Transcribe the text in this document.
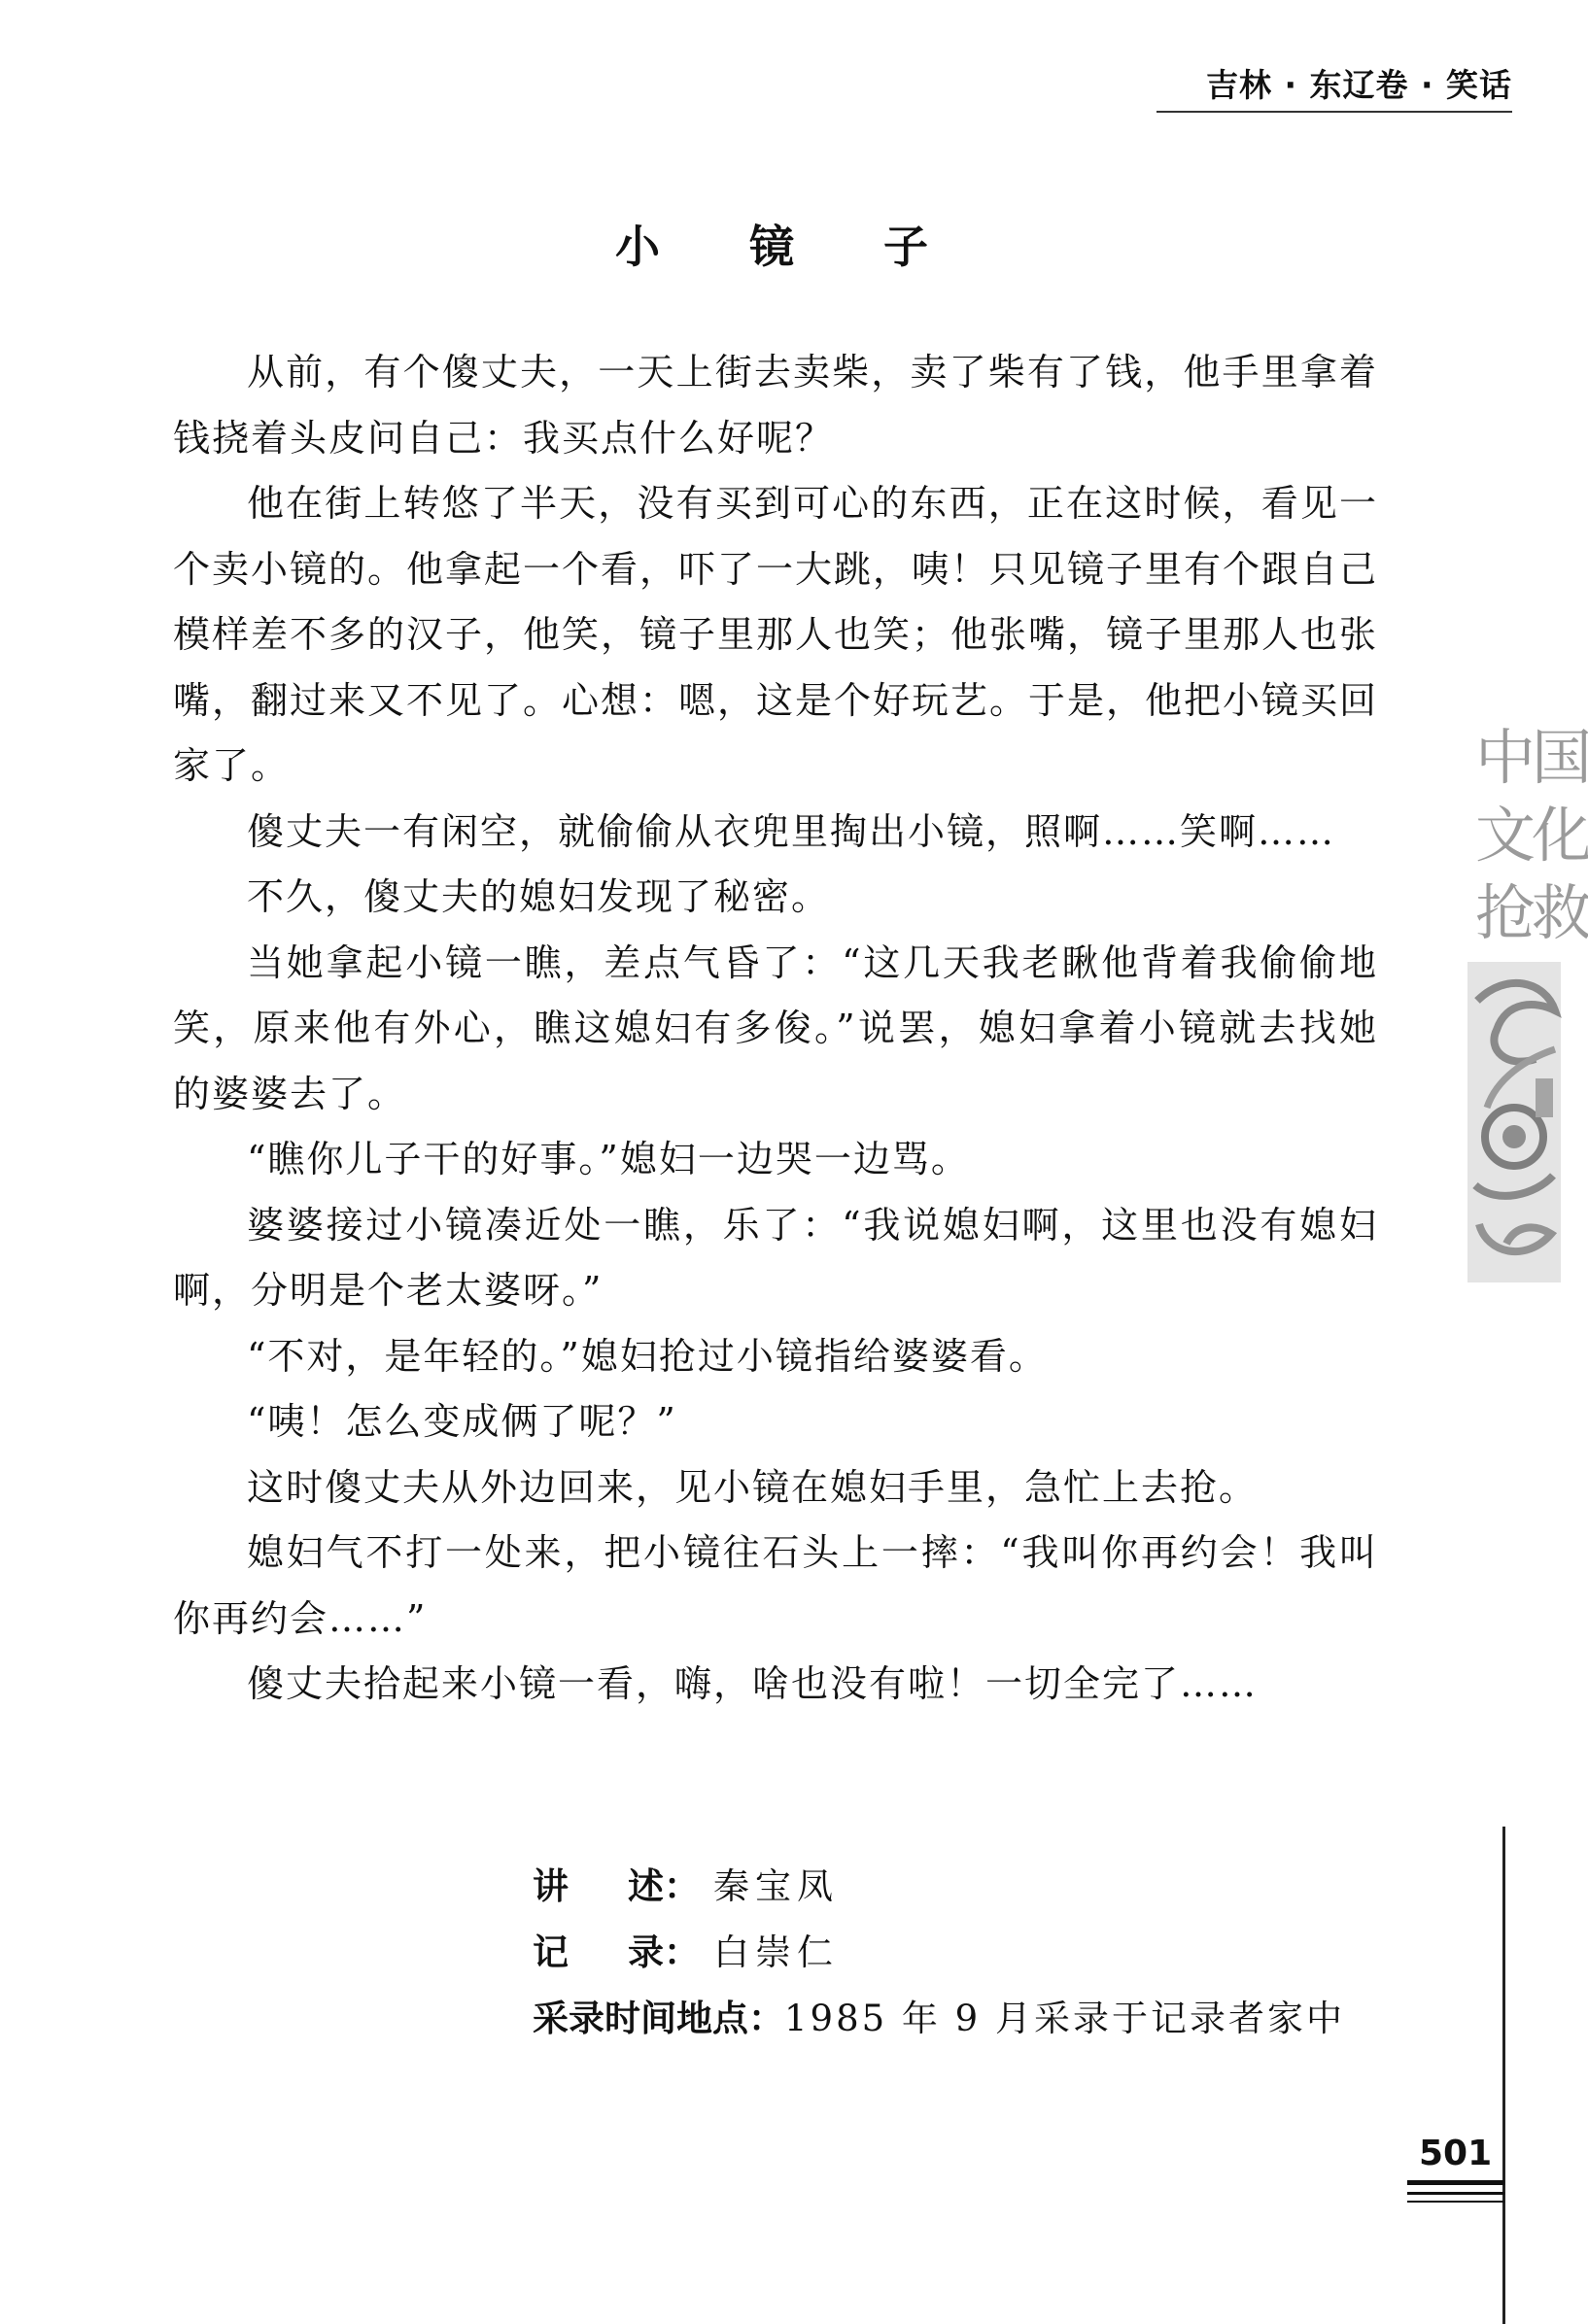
吉林 · 东辽卷 · 笑话
小 镜 子

从前，有个傻丈夫，一天上街去卖柴，卖了柴有了钱，他手里拿着钱挠着头皮问自己：我买点什么好呢？

他在街上转悠了半天，没有买到可心的东西，正在这时候，看见一个卖小镜的。他拿起一个看，吓了一大跳，咦！只见镜子里有个跟自己模样差不多的汉子，他笑，镜子里那人也笑；他张嘴，镜子里那人也张嘴，翻过来又不见了。心想：嗯，这是个好玩艺。于是，他把小镜买回家了。

傻丈夫一有闲空，就偷偷从衣兜里掏出小镜，照啊……笑啊……

不久，傻丈夫的媳妇发现了秘密。

当她拿起小镜一瞧，差点气昏了：“这几天我老瞅他背着我偷偷地笑，原来他有外心，瞧这媳妇有多俊。”说罢，媳妇拿着小镜就去找她的婆婆去了。

“瞧你儿子干的好事。”媳妇一边哭一边骂。

婆婆接过小镜凑近处一瞧，乐了：“我说媳妇啊，这里也没有媳妇啊，分明是个老太婆呀。”

“不对，是年轻的。”媳妇抢过小镜指给婆婆看。

“咦！怎么变成俩了呢？”

这时傻丈夫从外边回来，见小镜在媳妇手里，急忙上去抢。

媳妇气不打一处来，把小镜往石头上一摔：“我叫你再约会！我叫你再约会……”

傻丈夫拾起来小镜一看，嗨，啥也没有啦！一切全完了……

讲 述： 秦宝凤
记 录： 白崇仁
采录时间地点： 1985 年 9 月采录于记录者家中
中国
文化
抢救
501
